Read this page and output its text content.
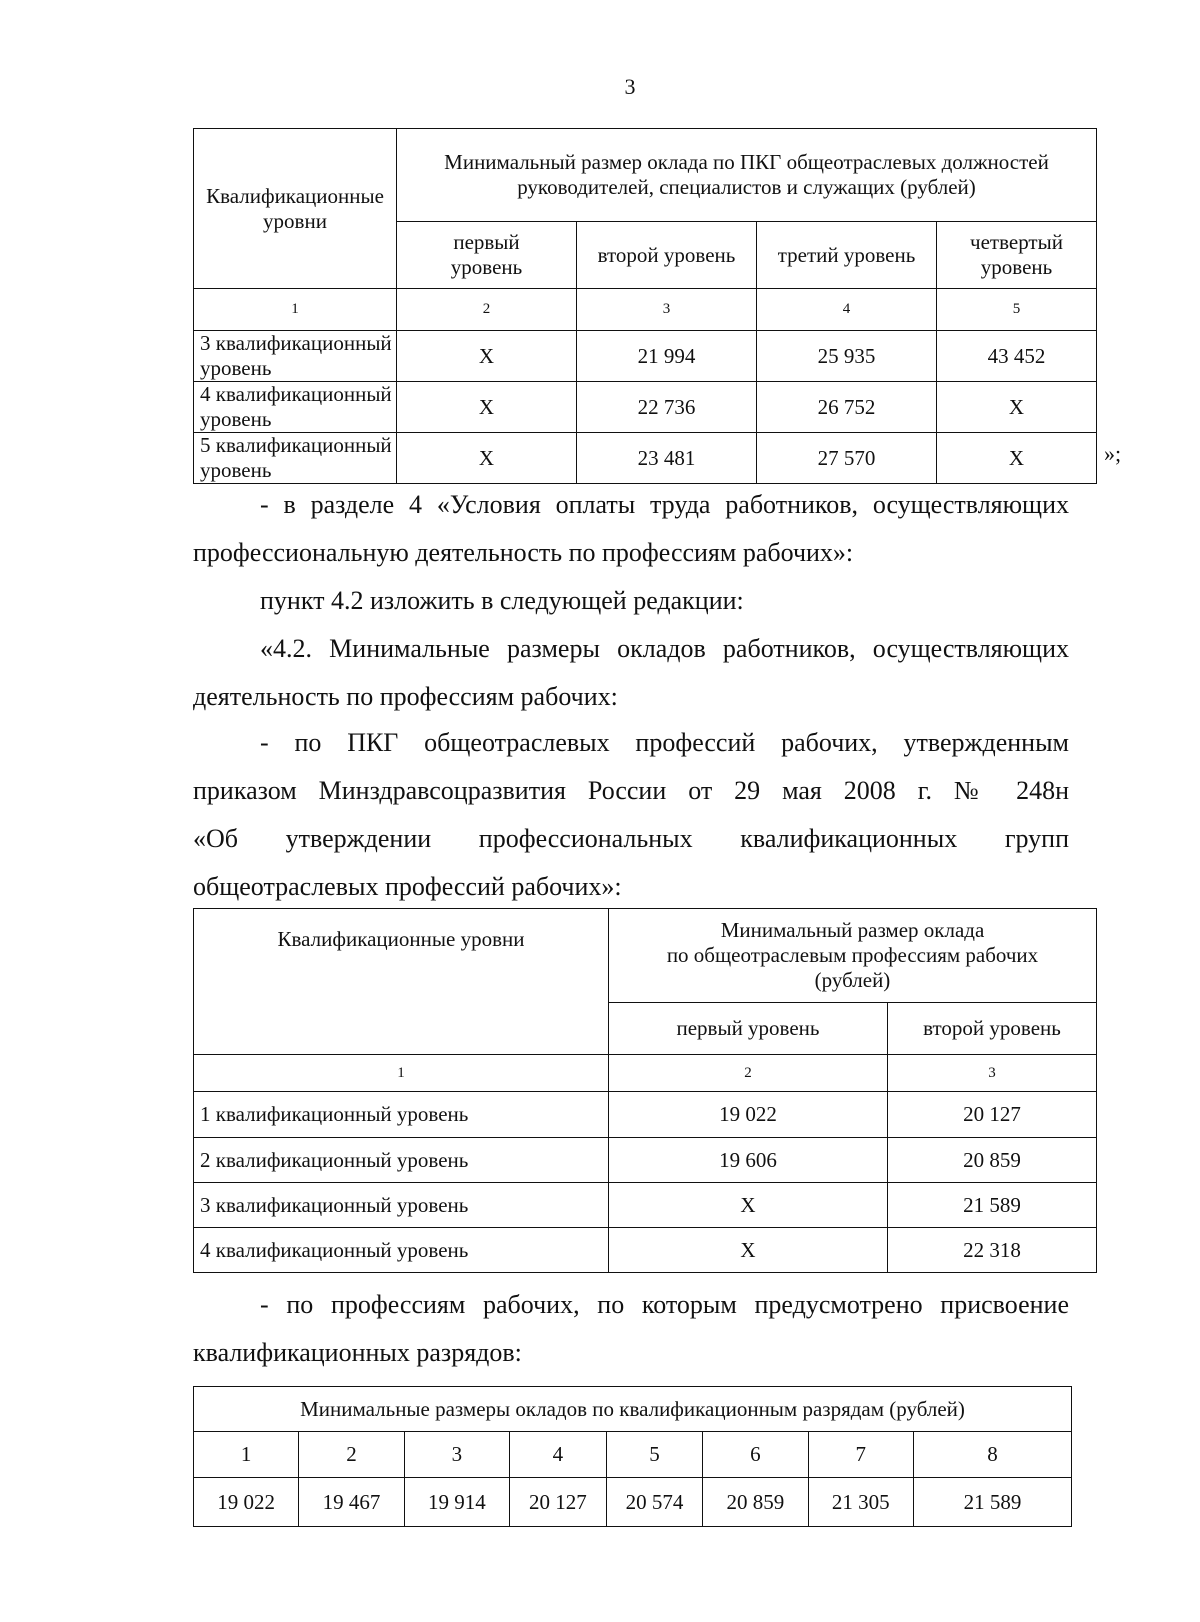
3
Квалификационные уровни	Минимальный размер оклада по ПКГ общеотраслевых должностей руководителей, специалистов и служащих (рублей)			
	первый уровень	второй уровень	третий уровень	четвертый уровень
1	2	3	4	5
3 квалификационный уровень	X	21 994	25 935	43 452
4 квалификационный уровень	X	22 736	26 752	X
5 квалификационный уровень	X	23 481	27 570	X	»;
- в разделе 4 «Условия оплаты труда работников, осуществляющих
профессиональную деятельность по профессиям рабочих»:
пункт 4.2 изложить в следующей редакции:
«4.2. Минимальные размеры окладов работников, осуществляющих
деятельность по профессиям рабочих:
- по ПКГ общеотраслевых профессий рабочих, утвержденным
приказом Минздравсоцразвития России от 29 мая 2008 г. № 248н
«Об утверждении профессиональных квалификационных групп
общеотраслевых профессий рабочих»:
Квалификационные уровни	Минимальный размер оклада
по общеотраслевым профессиям рабочих
(рублей)	

	первый уровень	второй уровень
1	2	3
1 квалификационный уровень	19 022	20 127
2 квалификационный уровень	19 606	20 859
3 квалификационный уровень	X	21 589
4 квалификационный уровень	X	22 318
- по профессиям рабочих, по которым предусмотрено присвоение
квалификационных разрядов:
Минимальные размеры окладов по квалификационным разрядам (рублей)							
1	2	3	4	5	6	7	8
19 022	19 467	19 914	20 127	20 574	20 859	21 305	21 589
